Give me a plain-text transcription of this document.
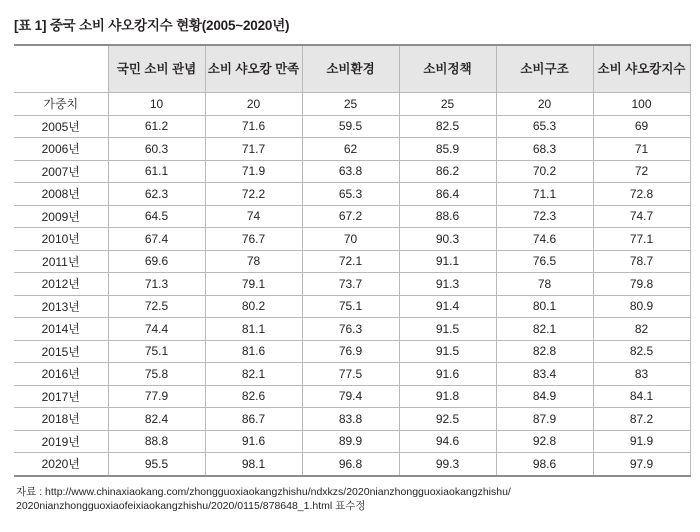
[표 1] 중국 소비 샤오캉지수 현황(2005~2020년)
	국민 소비 관념	소비 샤오캉 만족	소비환경	소비정책	소비구조	소비 샤오캉지수
가중치	10	20	25	25	20	100
2005년	61.2	71.6	59.5	82.5	65.3	69
2006년	60.3	71.7	62	85.9	68.3	71
2007년	61.1	71.9	63.8	86.2	70.2	72
2008년	62.3	72.2	65.3	86.4	71.1	72.8
2009년	64.5	74	67.2	88.6	72.3	74.7
2010년	67.4	76.7	70	90.3	74.6	77.1
2011년	69.6	78	72.1	91.1	76.5	78.7
2012년	71.3	79.1	73.7	91.3	78	79.8
2013년	72.5	80.2	75.1	91.4	80.1	80.9
2014년	74.4	81.1	76.3	91.5	82.1	82
2015년	75.1	81.6	76.9	91.5	82.8	82.5
2016년	75.8	82.1	77.5	91.6	83.4	83
2017년	77.9	82.6	79.4	91.8	84.9	84.1
2018년	82.4	86.7	83.8	92.5	87.9	87.2
2019년	88.8	91.6	89.9	94.6	92.8	91.9
2020년	95.5	98.1	96.8	99.3	98.6	97.9
자료 : http://www.chinaxiaokang.com/zhongguoxiaokangzhishu/ndxkzs/2020nianzhongguoxiaokangzhishu/
2020nianzhongguoxiaofeixiaokangzhishu/2020/0115/878648_1.html 표수정
